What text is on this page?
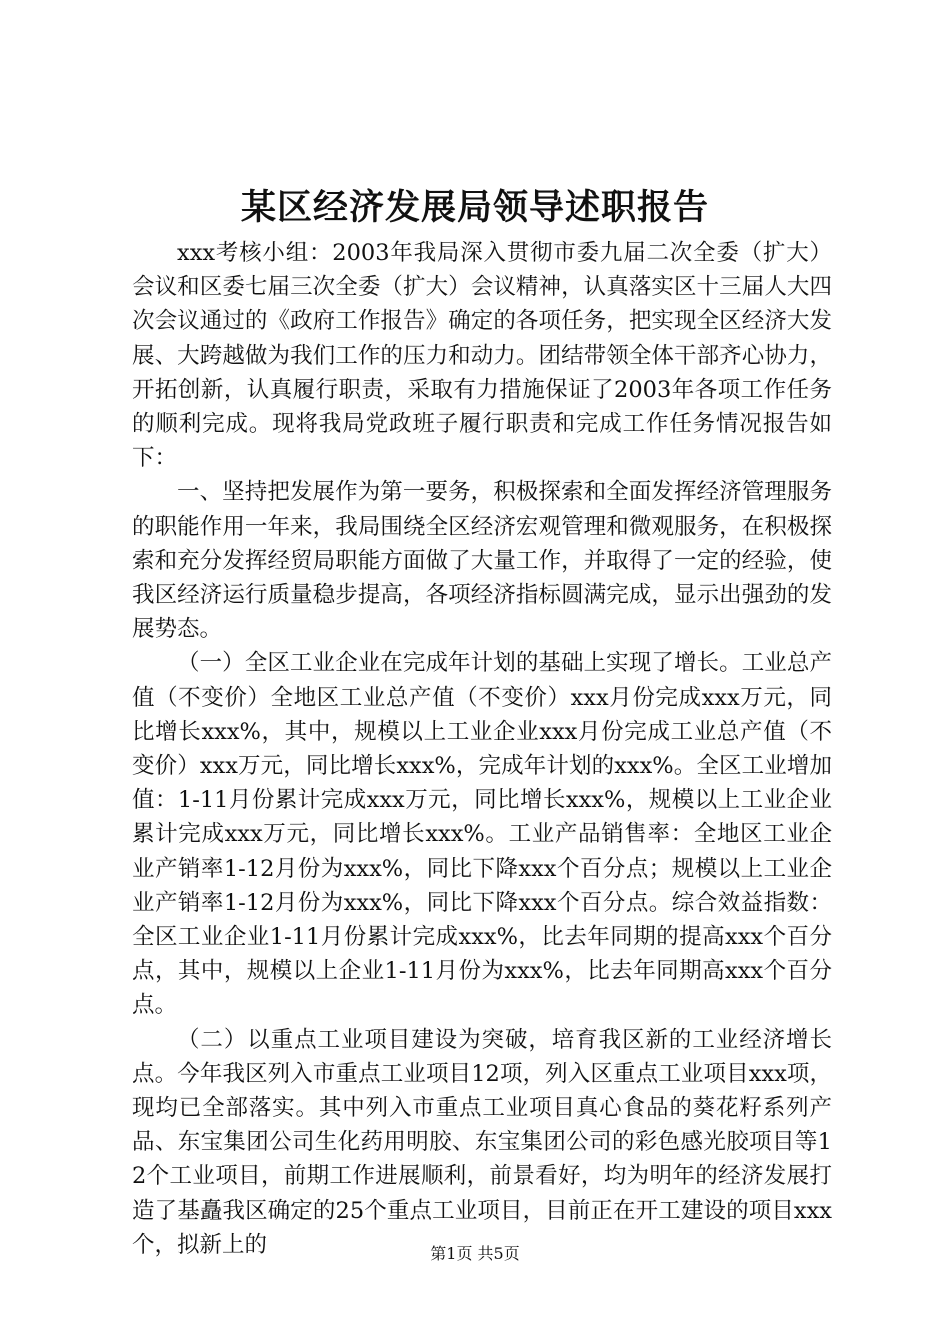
某区经济发展局领导述职报告

xxx考核小组：2003年我局深入贯彻市委九届二次全委（扩大）会议和区委七届三次全委（扩大）会议精神，认真落实区十三届人大四次会议通过的《政府工作报告》确定的各项任务，把实现全区经济大发展、大跨越做为我们工作的压力和动力。团结带领全体干部齐心协力，开拓创新，认真履行职责，采取有力措施保证了2003年各项工作任务的顺利完成。现将我局党政班子履行职责和完成工作任务情况报告如下：

一、坚持把发展作为第一要务，积极探索和全面发挥经济管理服务的职能作用一年来，我局围绕全区经济宏观管理和微观服务，在积极探索和充分发挥经贸局职能方面做了大量工作，并取得了一定的经验，使我区经济运行质量稳步提高，各项经济指标圆满完成，显示出强劲的发展势态。

（一）全区工业企业在完成年计划的基础上实现了增长。工业总产值（不变价）全地区工业总产值（不变价）xxx月份完成xxx万元，同比增长xxx%，其中，规模以上工业企业xxx月份完成工业总产值（不变价）xxx万元，同比增长xxx%，完成年计划的xxx%。全区工业增加值：1-11月份累计完成xxx万元，同比增长xxx%，规模以上工业企业累计完成xxx万元，同比增长xxx%。工业产品销售率：全地区工业企业产销率1-12月份为xxx%，同比下降xxx个百分点；规模以上工业企业产销率1-12月份为xxx%，同比下降xxx个百分点。综合效益指数：全区工业企业1-11月份累计完成xxx%，比去年同期的提高xxx个百分点，其中，规模以上企业1-11月份为xxx%，比去年同期高xxx个百分点。

（二）以重点工业项目建设为突破，培育我区新的工业经济增长点。今年我区列入市重点工业项目12项，列入区重点工业项目xxx项，现均已全部落实。其中列入市重点工业项目真心食品的葵花籽系列产品、东宝集团公司生化药用明胶、东宝集团公司的彩色感光胶项目等12个工业项目，前期工作进展顺利，前景看好，均为明年的经济发展打造了基矗我区确定的25个重点工业项目，目前正在开工建设的项目xxx个，拟新上的	第1页 共5页
